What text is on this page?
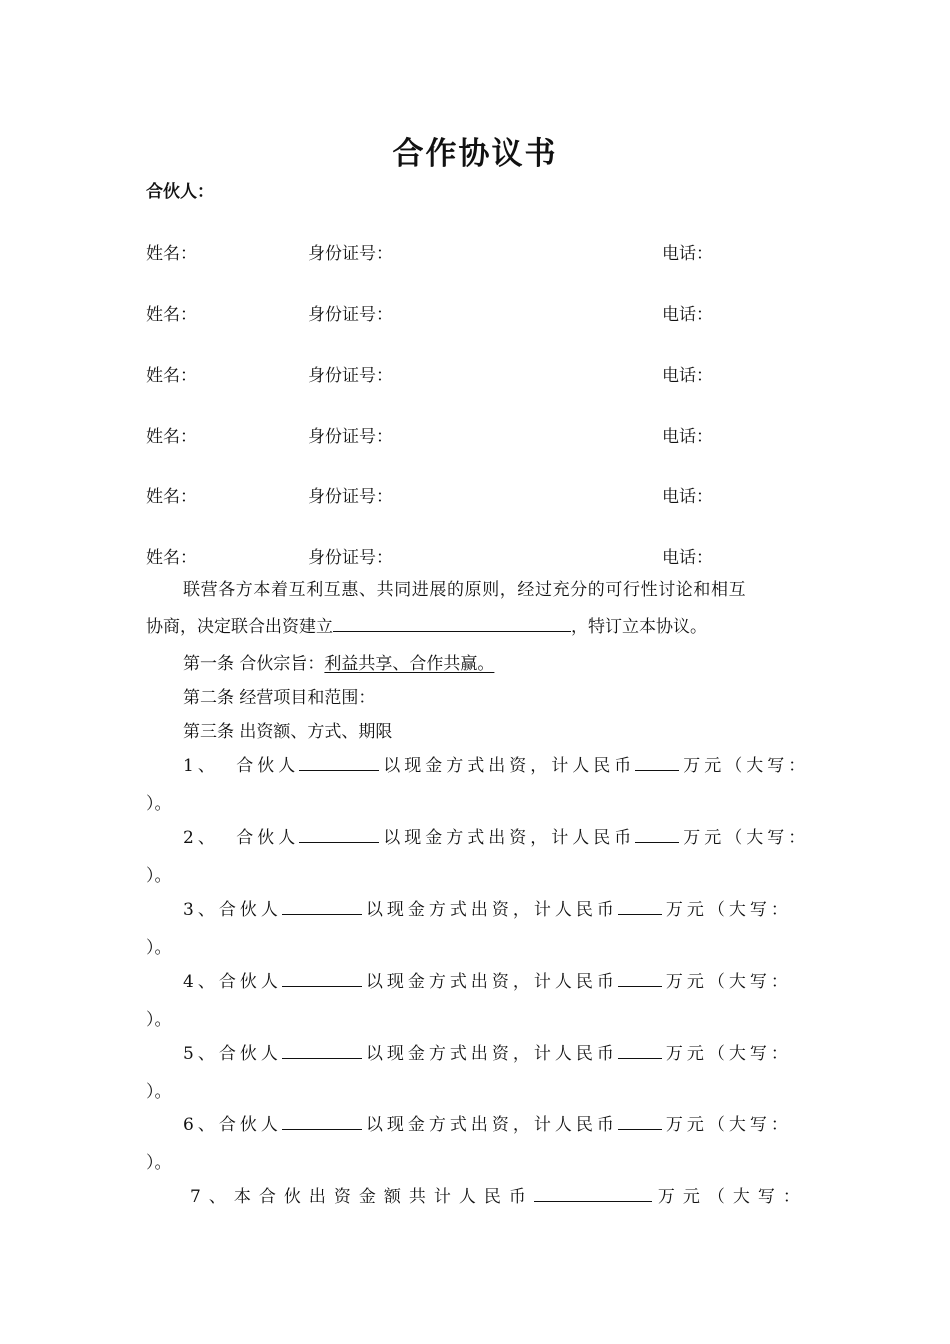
合作协议书
合伙人：
姓名：	身份证号：	电话：
姓名：	身份证号：	电话：
姓名：	身份证号：	电话：
姓名：	身份证号：	电话：
姓名：	身份证号：	电话：
姓名：	身份证号：	电话：
联营各方本着互利互惠、共同进展的原则，经过充分的可行性讨论和相互
协商，决定联合出资建立	，特订立本协议。
第一条 合伙宗旨：利益共享、合作共赢。
第二条 经营项目和范围：
第三条 出资额、方式、期限
1、 合伙人	以现金方式出资，计人民币	万元（大写：
）。
2、 合伙人	以现金方式出资，计人民币	万元（大写：
）。
3、合伙人	以现金方式出资，计人民币	万元（大写：
）。
4、合伙人	以现金方式出资，计人民币	万元（大写：
）。
5、合伙人	以现金方式出资，计人民币	万元（大写：
）。
6、合伙人	以现金方式出资，计人民币	万元（大写：
）。
7、本合伙出资金额共计人民币	万元（大写：
